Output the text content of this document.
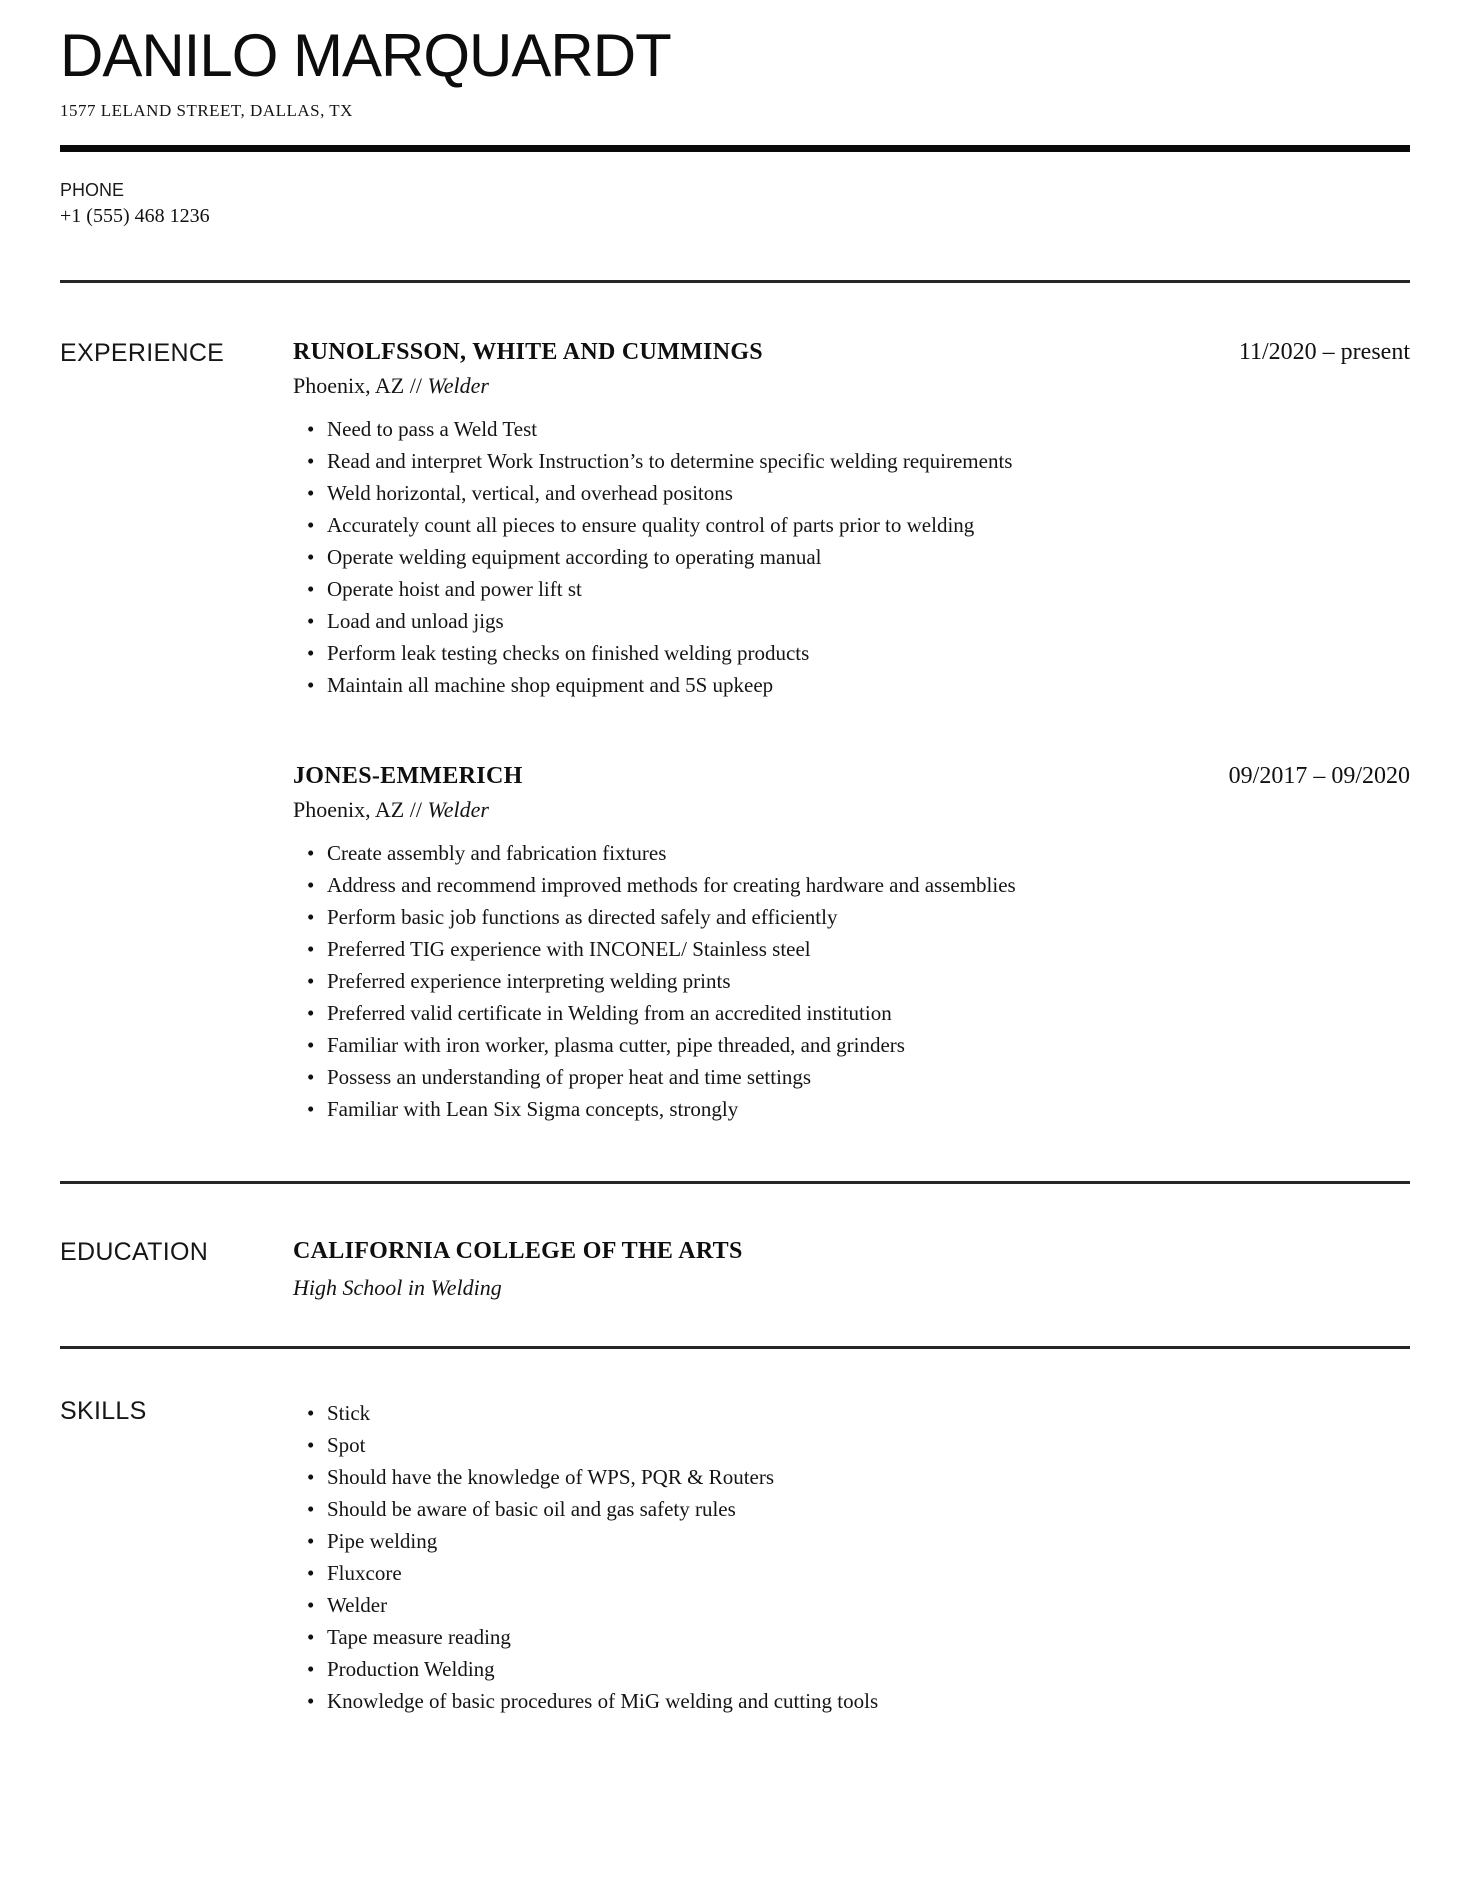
DANILO MARQUARDT
1577 LELAND STREET, DALLAS, TX
PHONE
+1 (555) 468 1236
EXPERIENCE	RUNOLFSSON, WHITE AND CUMMINGS	11/2020 – present
Phoenix, AZ // Welder
• Need to pass a Weld Test
• Read and interpret Work Instruction’s to determine specific welding requirements
• Weld horizontal, vertical, and overhead positons
• Accurately count all pieces to ensure quality control of parts prior to welding
• Operate welding equipment according to operating manual
• Operate hoist and power lift st
• Load and unload jigs
• Perform leak testing checks on finished welding products
• Maintain all machine shop equipment and 5S upkeep
JONES-EMMERICH	09/2017 – 09/2020
Phoenix, AZ // Welder
• Create assembly and fabrication fixtures
• Address and recommend improved methods for creating hardware and assemblies
• Perform basic job functions as directed safely and efficiently
• Preferred TIG experience with INCONEL/ Stainless steel
• Preferred experience interpreting welding prints
• Preferred valid certificate in Welding from an accredited institution
• Familiar with iron worker, plasma cutter, pipe threaded, and grinders
• Possess an understanding of proper heat and time settings
• Familiar with Lean Six Sigma concepts, strongly
EDUCATION	CALIFORNIA COLLEGE OF THE ARTS
High School in Welding
SKILLS	• Stick
• Spot
• Should have the knowledge of WPS, PQR & Routers
• Should be aware of basic oil and gas safety rules
• Pipe welding
• Fluxcore
• Welder
• Tape measure reading
• Production Welding
• Knowledge of basic procedures of MiG welding and cutting tools
